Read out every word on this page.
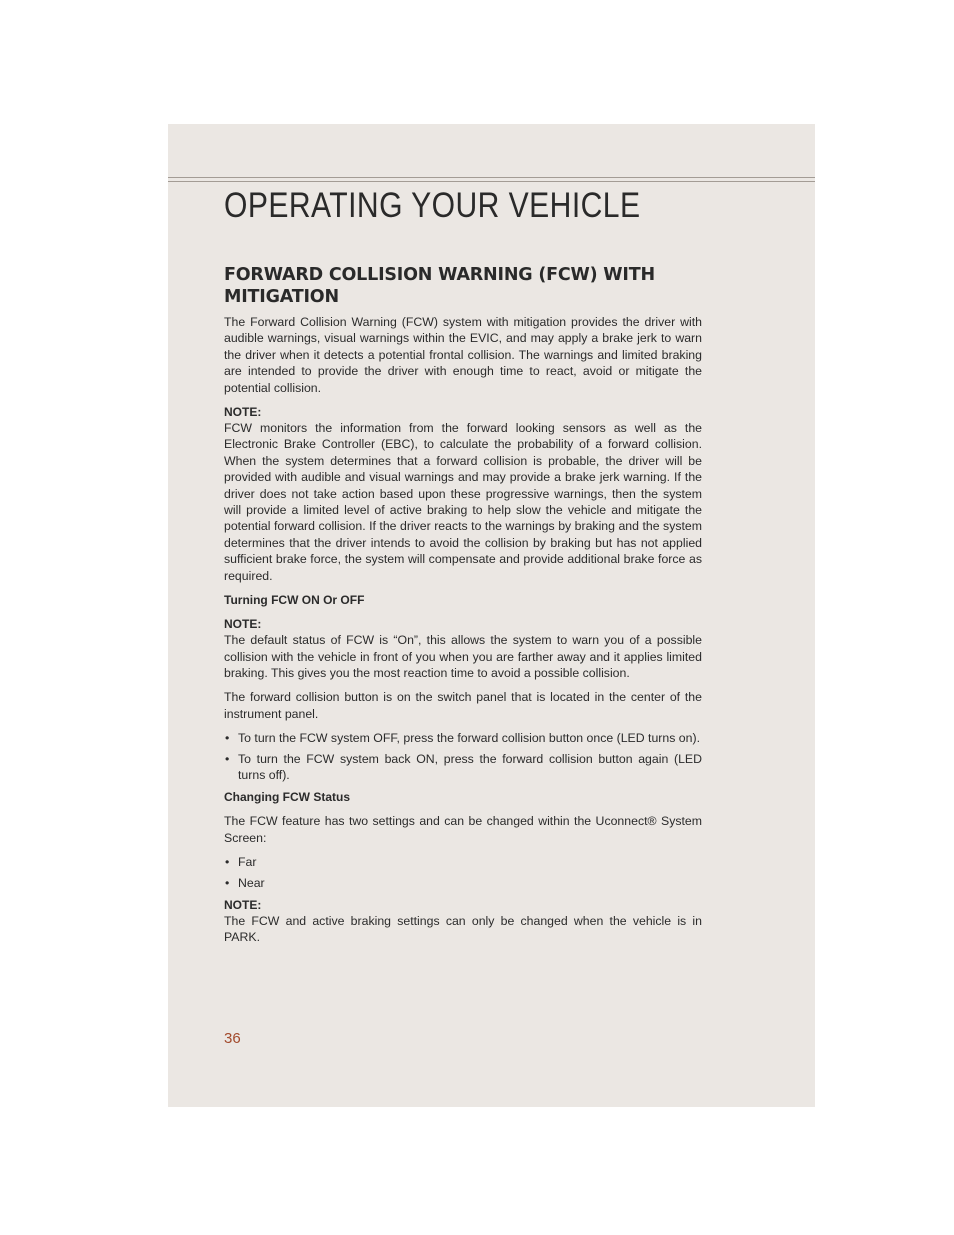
OPERATING YOUR VEHICLE
FORWARD COLLISION WARNING (FCW) WITH MITIGATION

The Forward Collision Warning (FCW) system with mitigation provides the driver with audible warnings, visual warnings within the EVIC, and may apply a brake jerk to warn the driver when it detects a potential frontal collision. The warnings and limited braking are intended to provide the driver with enough time to react, avoid or mitigate the potential collision.

NOTE:

FCW monitors the information from the forward looking sensors as well as the Electronic Brake Controller (EBC), to calculate the probability of a forward collision. When the system determines that a forward collision is probable, the driver will be provided with audible and visual warnings and may provide a brake jerk warning. If the driver does not take action based upon these progressive warnings, then the system will provide a limited level of active braking to help slow the vehicle and mitigate the potential forward collision. If the driver reacts to the warnings by braking and the system determines that the driver intends to avoid the collision by braking but has not applied sufficient brake force, the system will compensate and provide additional brake force as required.

Turning FCW ON Or OFF

NOTE:

The default status of FCW is “On”, this allows the system to warn you of a possible collision with the vehicle in front of you when you are farther away and it applies limited braking. This gives you the most reaction time to avoid a possible collision.

The forward collision button is on the switch panel that is located in the center of the instrument panel.

• To turn the FCW system OFF, press the forward collision button once (LED turns on).
• To turn the FCW system back ON, press the forward collision button again (LED turns off).

Changing FCW Status

The FCW feature has two settings and can be changed within the Uconnect® System Screen:

• Far
• Near

NOTE:

The FCW and active braking settings can only be changed when the vehicle is in PARK.

36
